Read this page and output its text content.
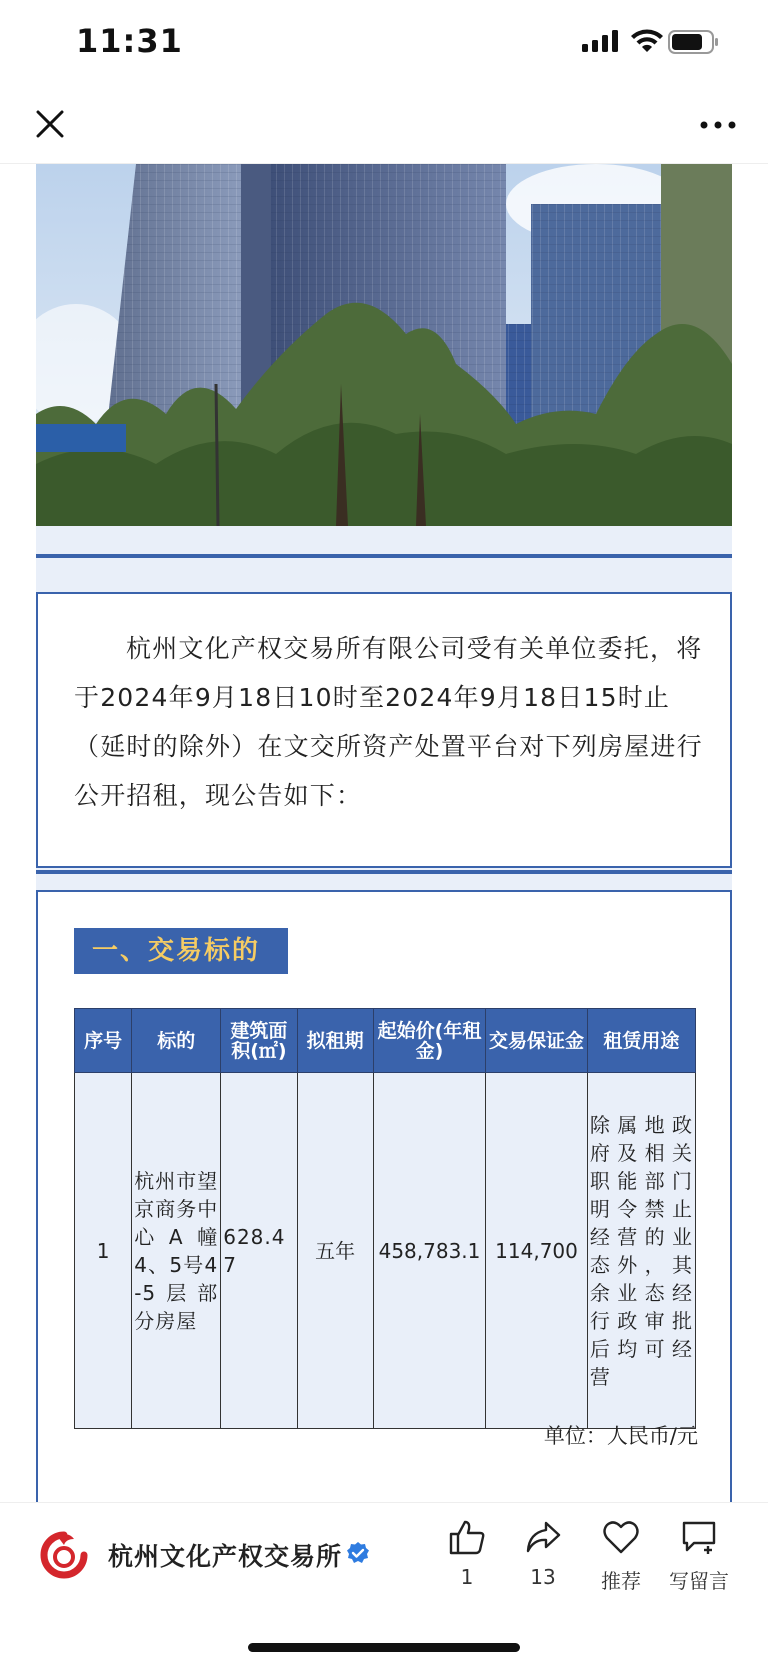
11:31

杭州文化产权交易所有限公司受有关单位委托，将于2024年9月18日10时至2024年9月18日15时止（延时的除外）在文交所资产处置平台对下列房屋进行公开招租，现公告如下：

一、交易标的
序号	标的	建筑面积(㎡)	拟租期	起始价(年租金)	交易保证金	租赁用途
1	杭州市望京商务中心A幢4、5号4-5层部分房屋	628.47	五年	458,783.1	114,700	除属地政府及相关职能部门明令禁止经营的业态外，其余业态经行政审批后均可经营
单位：人民币/元
杭州文化产权交易所
1	13	推荐	写留言
